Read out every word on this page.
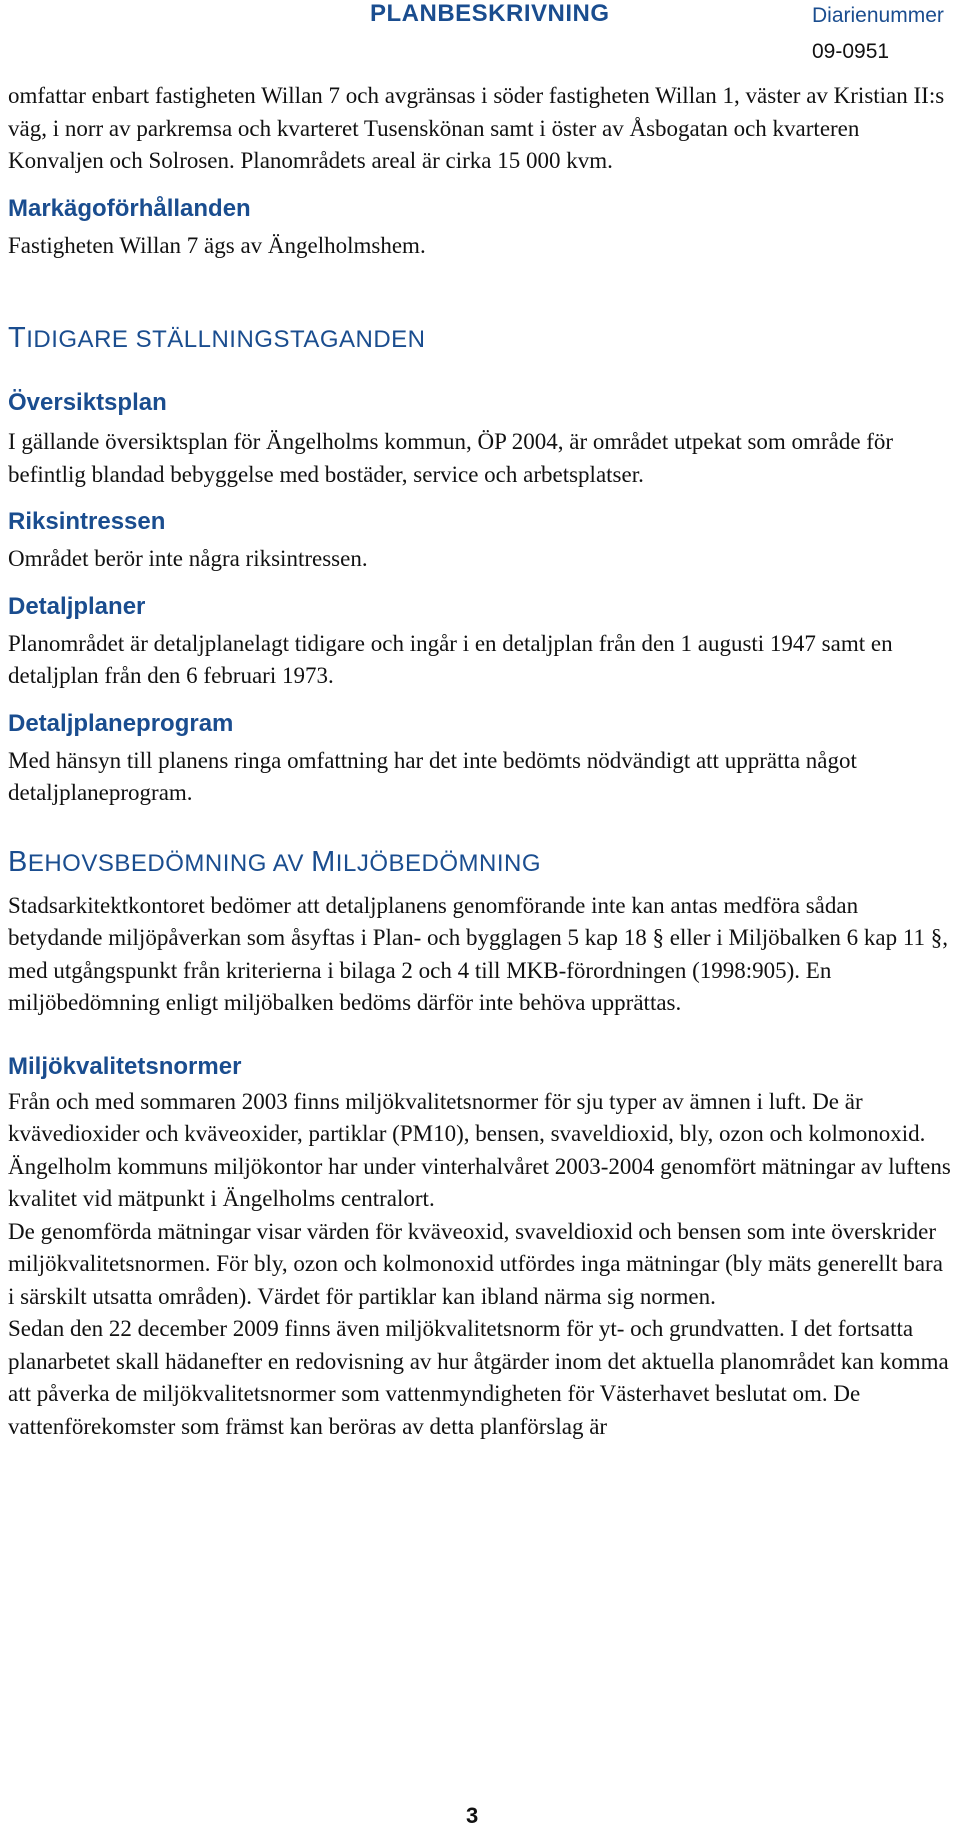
PLANBESKRIVNING	Diarienummer
09-0951

omfattar enbart fastigheten Willan 7 och avgränsas i söder fastigheten Willan 1, väster av Kristian II:s väg, i norr av parkremsa och kvarteret Tusenskönan samt i öster av Åsbogatan och kvarteren Konvaljen och Solrosen. Planområdets areal är cirka 15 000 kvm.

Markägoförhållanden

Fastigheten Willan 7 ägs av Ängelholmshem.

TIDIGARE STÄLLNINGSTAGANDEN
Översiktsplan

I gällande översiktsplan för Ängelholms kommun, ÖP 2004, är området utpekat som område för befintlig blandad bebyggelse med bostäder, service och arbetsplatser.

Riksintressen

Området berör inte några riksintressen.

Detaljplaner

Planområdet är detaljplanelagt tidigare och ingår i en detaljplan från den 1 augusti 1947 samt en detaljplan från den 6 februari 1973.

Detaljplaneprogram

Med hänsyn till planens ringa omfattning har det inte bedömts nödvändigt att upprätta något detaljplaneprogram.

BEHOVSBEDÖMNING AV MILJÖBEDÖMNING

Stadsarkitektkontoret bedömer att detaljplanens genomförande inte kan antas medföra sådan betydande miljöpåverkan som åsyftas i Plan- och bygglagen 5 kap 18 § eller i Miljöbalken 6 kap 11 §, med utgångspunkt från kriterierna i bilaga 2 och 4 till MKB-förordningen (1998:905). En miljöbedömning enligt miljöbalken bedöms därför inte behöva upprättas.

Miljökvalitetsnormer

Från och med sommaren 2003 finns miljökvalitetsnormer för sju typer av ämnen i luft. De är kvävedioxider och kväveoxider, partiklar (PM10), bensen, svaveldioxid, bly, ozon och kolmonoxid.

Ängelholm kommuns miljökontor har under vinterhalvåret 2003-2004 genomfört mätningar av luftens kvalitet vid mätpunkt i Ängelholms centralort.

De genomförda mätningar visar värden för kväveoxid, svaveldioxid och bensen som inte överskrider miljökvalitetsnormen. För bly, ozon och kolmonoxid utfördes inga mätningar (bly mäts generellt bara i särskilt utsatta områden). Värdet för partiklar kan ibland närma sig normen.

Sedan den 22 december 2009 finns även miljökvalitetsnorm för yt- och grundvatten. I det fortsatta planarbetet skall hädanefter en redovisning av hur åtgärder inom det aktuella planområdet kan komma att påverka de miljökvalitetsnormer som vattenmyndigheten för Västerhavet beslutat om. De vattenförekomster som främst kan beröras av detta planförslag är

3
